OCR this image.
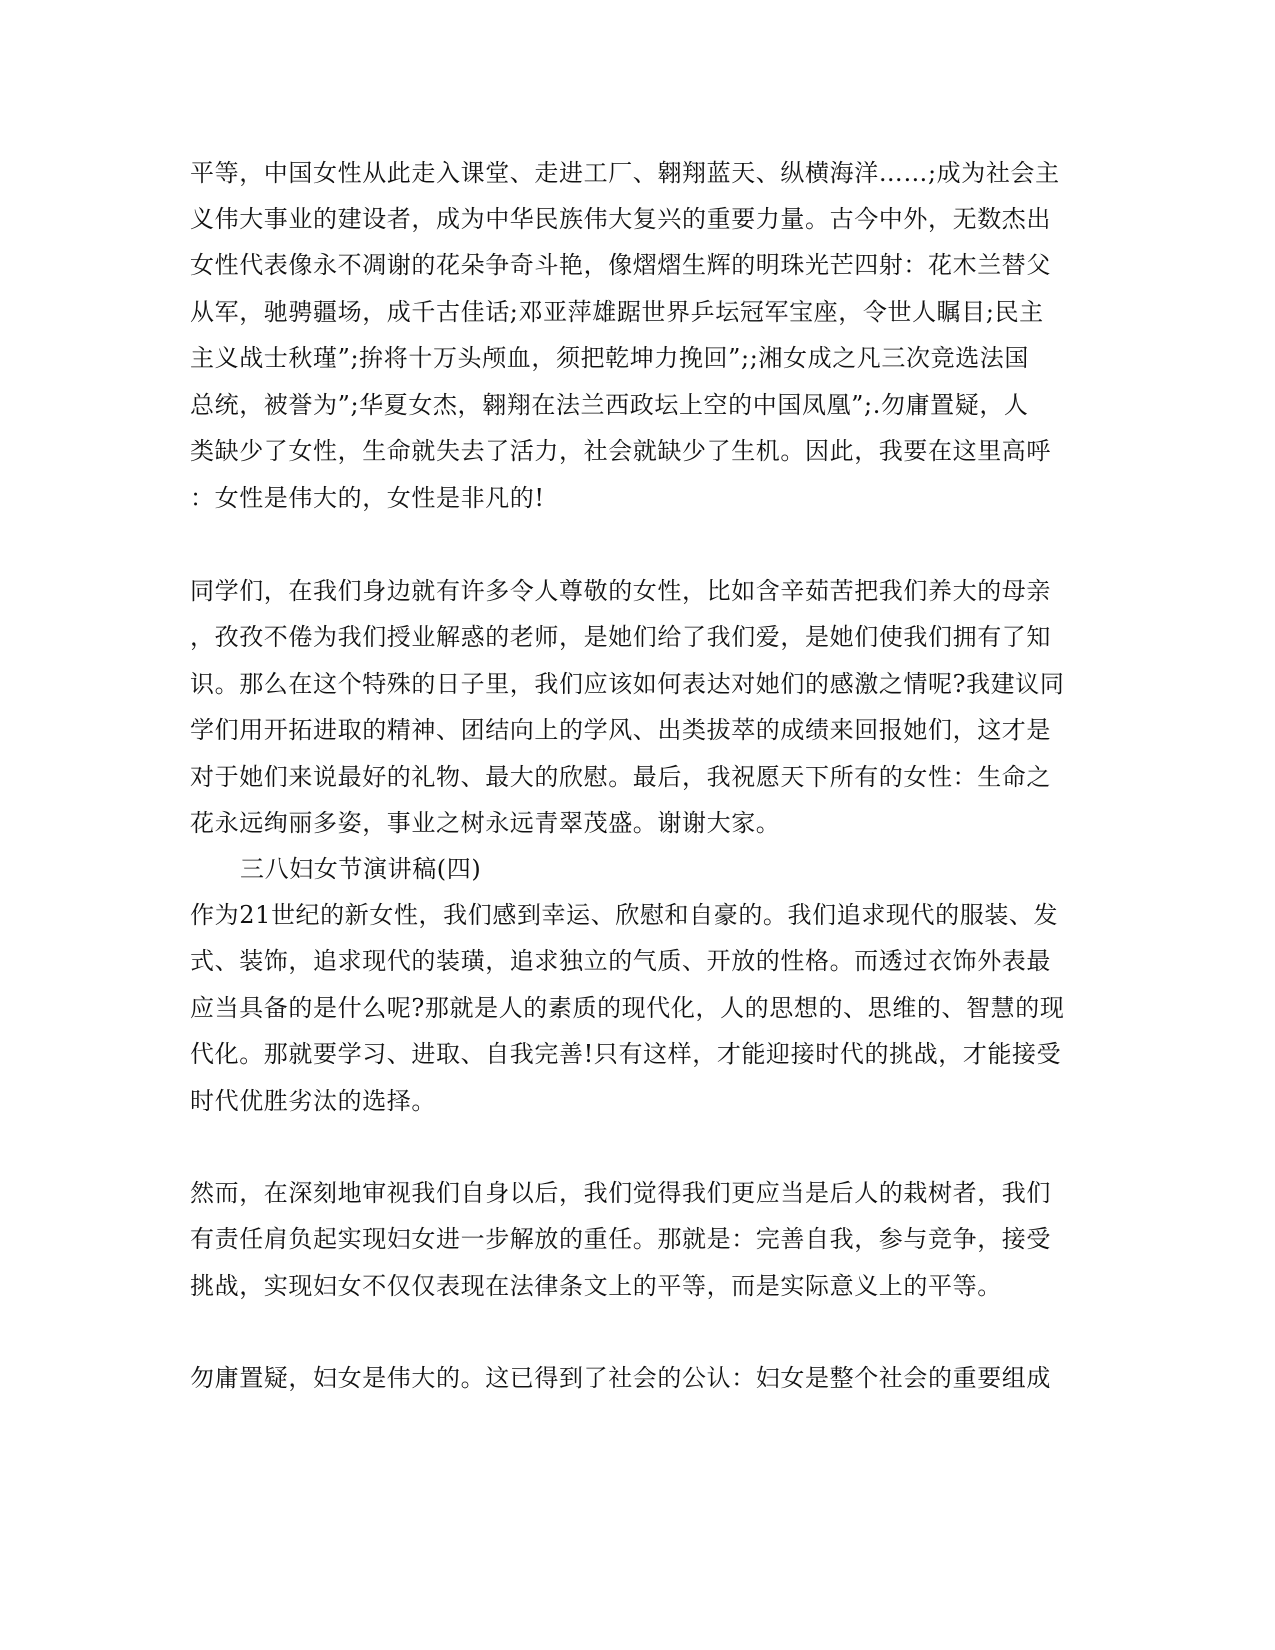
平等，中国女性从此走入课堂、走进工厂、翱翔蓝天、纵横海洋……;成为社会主
义伟大事业的建设者，成为中华民族伟大复兴的重要力量。古今中外，无数杰出
女性代表像永不凋谢的花朵争奇斗艳，像熠熠生辉的明珠光芒四射：花木兰替父
从军，驰骋疆场，成千古佳话;邓亚萍雄踞世界乒坛冠军宝座，令世人瞩目;民主
主义战士秋瑾”;拚将十万头颅血，须把乾坤力挽回”;;湘女成之凡三次竞选法国
总统，被誉为”;华夏女杰，翱翔在法兰西政坛上空的中国凤凰”;.勿庸置疑，人
类缺少了女性，生命就失去了活力，社会就缺少了生机。因此，我要在这里高呼
：女性是伟大的，女性是非凡的!
同学们，在我们身边就有许多令人尊敬的女性，比如含辛茹苦把我们养大的母亲
，孜孜不倦为我们授业解惑的老师，是她们给了我们爱，是她们使我们拥有了知
识。那么在这个特殊的日子里，我们应该如何表达对她们的感激之情呢?我建议同
学们用开拓进取的精神、团结向上的学风、出类拔萃的成绩来回报她们，这才是
对于她们来说最好的礼物、最大的欣慰。最后，我祝愿天下所有的女性：生命之
花永远绚丽多姿，事业之树永远青翠茂盛。谢谢大家。
三八妇女节演讲稿(四)
作为21世纪的新女性，我们感到幸运、欣慰和自豪的。我们追求现代的服装、发
式、装饰，追求现代的装璜，追求独立的气质、开放的性格。而透过衣饰外表最
应当具备的是什么呢?那就是人的素质的现代化，人的思想的、思维的、智慧的现
代化。那就要学习、进取、自我完善!只有这样，才能迎接时代的挑战，才能接受
时代优胜劣汰的选择。
然而，在深刻地审视我们自身以后，我们觉得我们更应当是后人的栽树者，我们
有责任肩负起实现妇女进一步解放的重任。那就是：完善自我，参与竞争，接受
挑战，实现妇女不仅仅表现在法律条文上的平等，而是实际意义上的平等。
勿庸置疑，妇女是伟大的。这已得到了社会的公认：妇女是整个社会的重要组成
